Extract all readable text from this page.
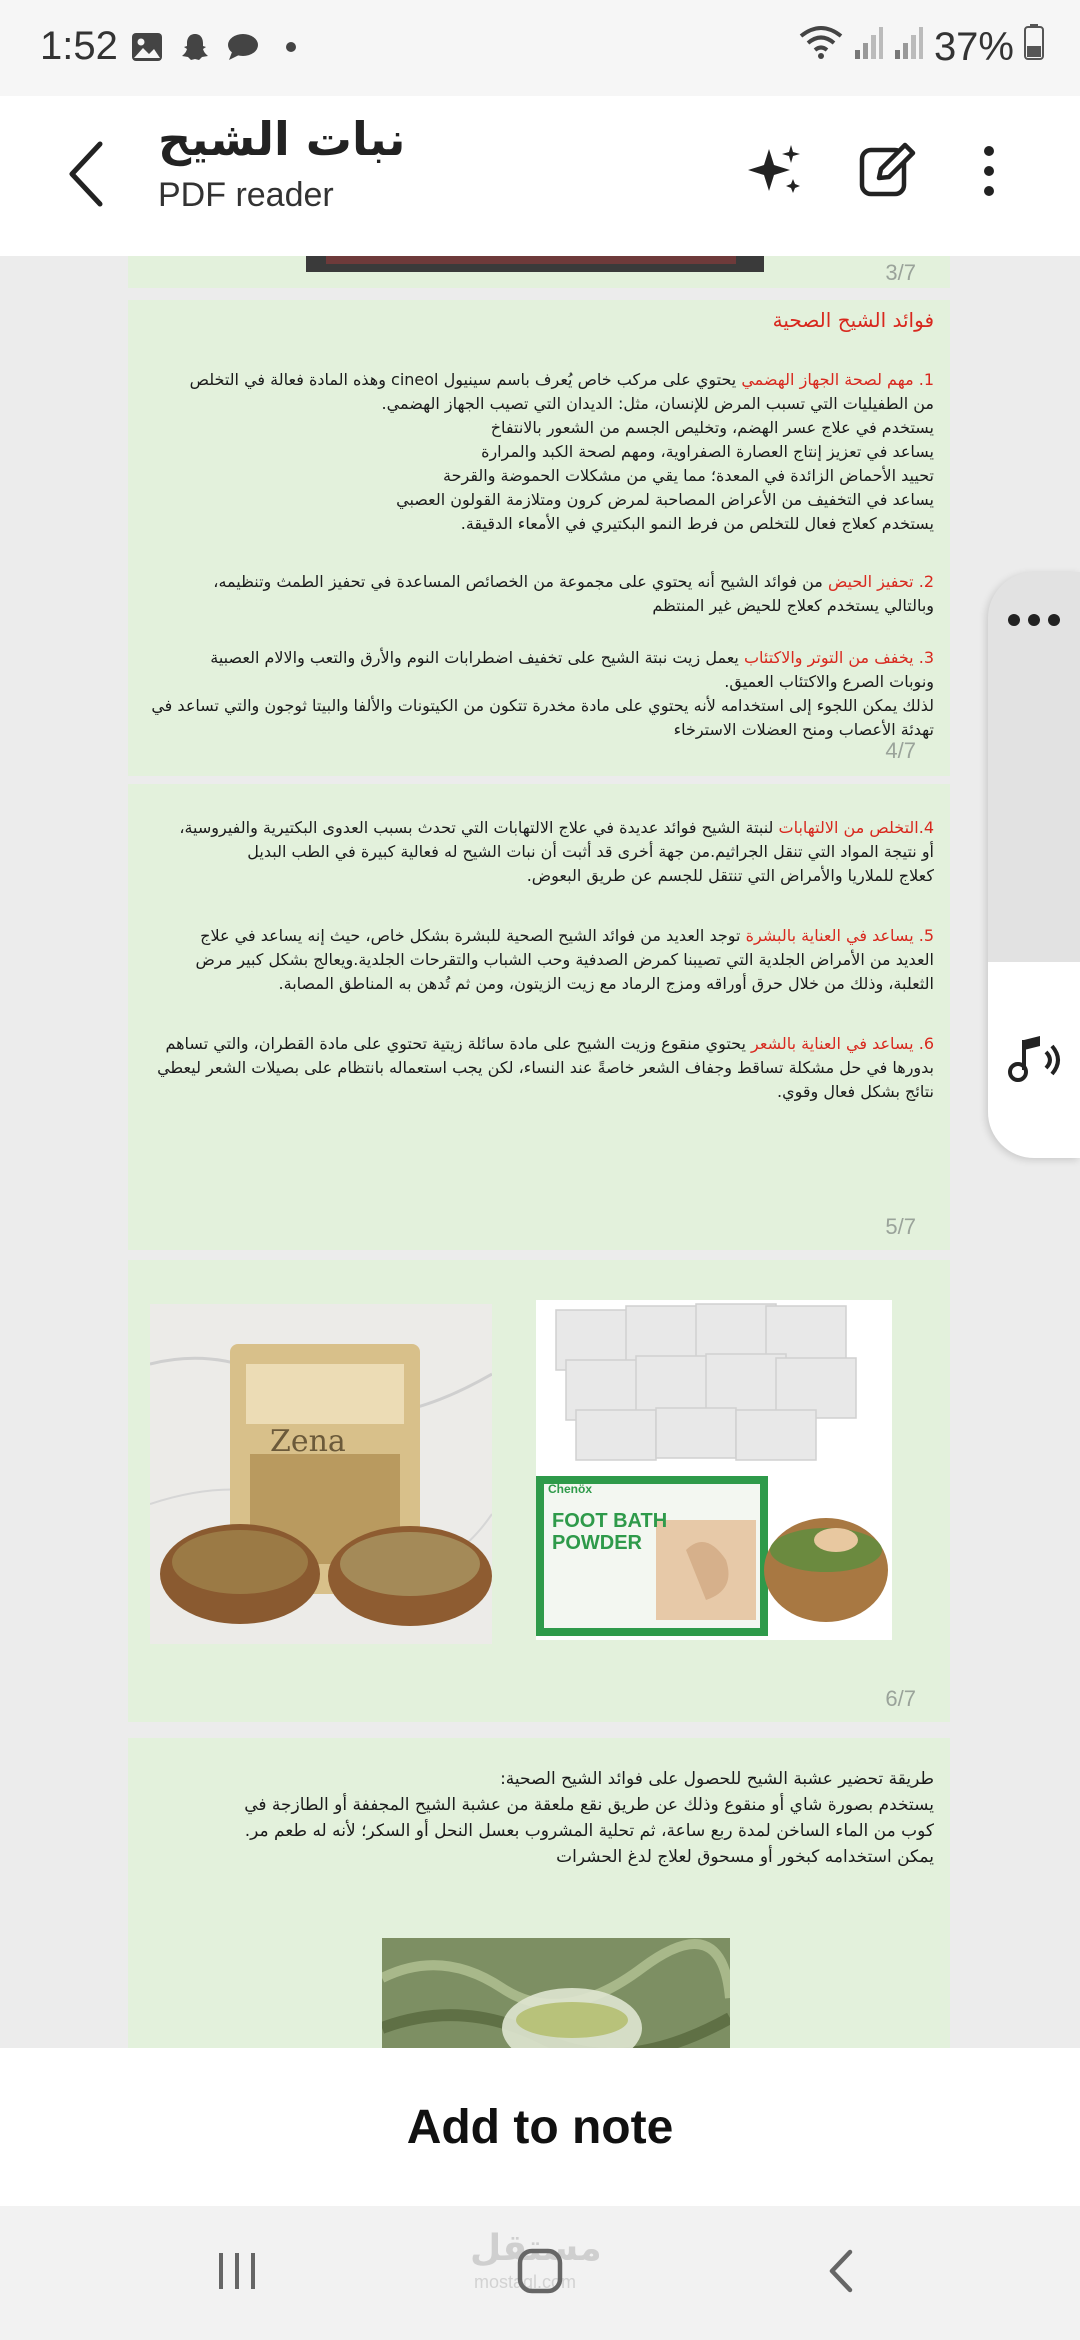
1:52	37%
نبات الشيح
PDF reader
3/7
فوائد الشيح الصحية
1. مهم لصحة الجهاز الهضمي يحتوي على مركب خاص يُعرف باسم سينيول cineol وهذه المادة فعالة في التخلص
من الطفيليات التي تسبب المرض للإنسان، مثل: الديدان التي تصيب الجهاز الهضمي.
يستخدم في علاج عسر الهضم، وتخليص الجسم من الشعور بالانتفاخ
يساعد في تعزيز إنتاج العصارة الصفراوية، ومهم لصحة الكبد والمرارة
تحييد الأحماض الزائدة في المعدة؛ مما يقي من مشكلات الحموضة والقرحة
يساعد في التخفيف من الأعراض المصاحبة لمرض كرون ومتلازمة القولون العصبي
يستخدم كعلاج فعال للتخلص من فرط النمو البكتيري في الأمعاء الدقيقة.
2. تحفيز الحيض من فوائد الشيح أنه يحتوي على مجموعة من الخصائص المساعدة في تحفيز الطمث وتنظيمه،
وبالتالي يستخدم كعلاج للحيض غير المنتظم
3. يخفف من التوتر والاكتئاب يعمل زيت نبتة الشيح على تخفيف اضطرابات النوم والأرق والتعب والالام العصبية
ونوبات الصرع والاكتئاب العميق.
لذلك يمكن اللجوء إلى استخدامه لأنه يحتوي على مادة مخدرة تتكون من الكيتونات والألفا والبيتا ثوجون والتي تساعد في
تهدئة الأعصاب ومنح العضلات الاسترخاء
4/7
4.التخلص من الالتهابات لنبتة الشيح فوائد عديدة في علاج الالتهابات التي تحدث بسبب العدوى البكتيرية والفيروسية،
أو نتيجة المواد التي تنقل الجراثيم.من جهة أخرى قد أثبت أن نبات الشيح له فعالية كبيرة في الطب البديل
كعلاج للملاريا والأمراض التي تنتقل للجسم عن طريق البعوض.
5. يساعد في العناية بالبشرة توجد العديد من فوائد الشيح الصحية للبشرة بشكل خاص، حيث إنه يساعد في علاج
العديد من الأمراض الجلدية التي تصيبنا كمرض الصدفية وحب الشباب والتقرحات الجلدية.ويعالج بشكل كبير مرض
الثعلبة، وذلك من خلال حرق أوراقه ومزج الرماد مع زيت الزيتون، ومن ثم تُدهن به المناطق المصابة.
6. يساعد في العناية بالشعر يحتوي منقوع وزيت الشيح على مادة سائلة زيتية تحتوي على مادة القطران، والتي تساهم
بدورها في حل مشكلة تساقط وجفاف الشعر خاصةً عند النساء، لكن يجب استعماله بانتظام على بصيلات الشعر ليعطي
نتائج بشكل فعال وقوي.
5/7
Zena
Chenöx
FOOT BATH
POWDER
6/7
طريقة تحضير عشبة الشيح للحصول على فوائد الشيح الصحية:
يستخدم بصورة شاي أو منقوع وذلك عن طريق نقع ملعقة من عشبة الشيح المجففة أو الطازجة في
كوب من الماء الساخن لمدة ربع ساعة، ثم تحلية المشروب بعسل النحل أو السكر؛ لأنه له طعم مر.
يمكن استخدامه كبخور أو مسحوق لعلاج لدغ الحشرات
Add to note
مستقل
mostaql.com
